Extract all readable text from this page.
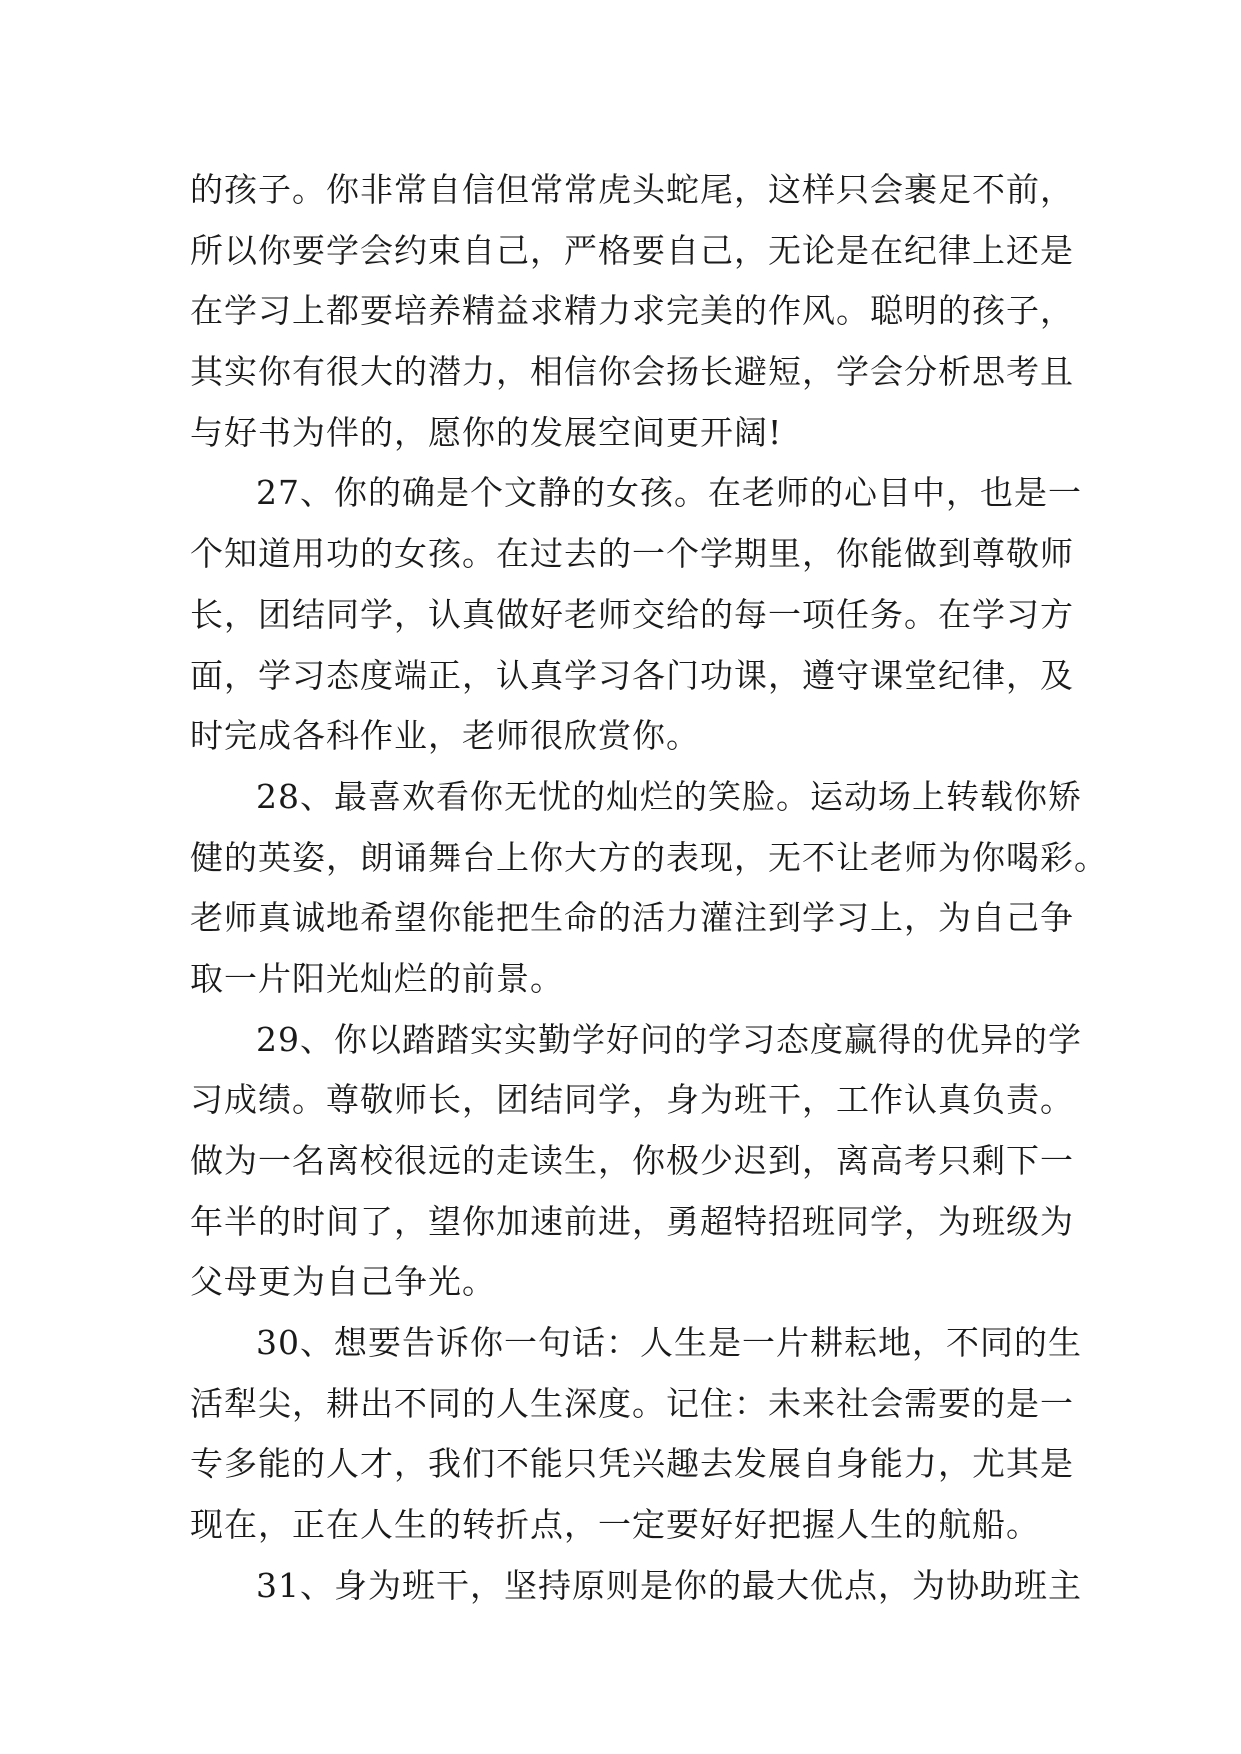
的孩子。你非常自信但常常虎头蛇尾，这样只会裹足不前，
所以你要学会约束自己，严格要自己，无论是在纪律上还是
在学习上都要培养精益求精力求完美的作风。聪明的孩子，
其实你有很大的潜力，相信你会扬长避短，学会分析思考且
与好书为伴的，愿你的发展空间更开阔!
27、你的确是个文静的女孩。在老师的心目中，也是一
个知道用功的女孩。在过去的一个学期里，你能做到尊敬师
长，团结同学，认真做好老师交给的每一项任务。在学习方
面，学习态度端正，认真学习各门功课，遵守课堂纪律，及
时完成各科作业，老师很欣赏你。
28、最喜欢看你无忧的灿烂的笑脸。运动场上转载你矫
健的英姿，朗诵舞台上你大方的表现，无不让老师为你喝彩。
老师真诚地希望你能把生命的活力灌注到学习上，为自己争
取一片阳光灿烂的前景。
29、你以踏踏实实勤学好问的学习态度赢得的优异的学
习成绩。尊敬师长，团结同学，身为班干，工作认真负责。
做为一名离校很远的走读生，你极少迟到，离高考只剩下一
年半的时间了，望你加速前进，勇超特招班同学，为班级为
父母更为自己争光。
30、想要告诉你一句话：人生是一片耕耘地，不同的生
活犁尖，耕出不同的人生深度。记住：未来社会需要的是一
专多能的人才，我们不能只凭兴趣去发展自身能力，尤其是
现在，正在人生的转折点，一定要好好把握人生的航船。
31、身为班干，坚持原则是你的最大优点，为协助班主
